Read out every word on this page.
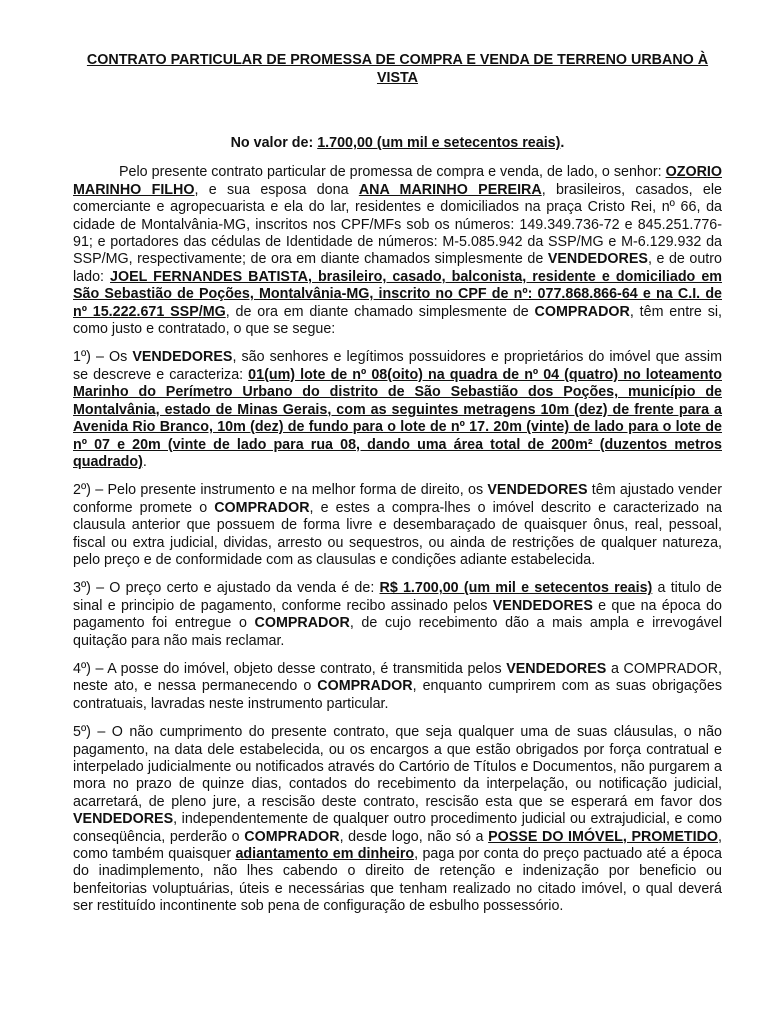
CONTRATO PARTICULAR DE PROMESSA DE COMPRA E VENDA DE TERRENO URBANO À VISTA
No valor de: 1.700,00 (um mil e setecentos reais).

Pelo presente contrato particular de promessa de compra e venda, de lado, o senhor: OZORIO MARINHO FILHO, e sua esposa dona ANA MARINHO PEREIRA, brasileiros, casados, ele comerciante e agropecuarista e ela do lar, residentes e domiciliados na praça Cristo Rei, nº 66, da cidade de Montalvânia-MG, inscritos nos CPF/MFs sob os números: 149.349.736-72 e 845.251.776-91; e portadores das cédulas de Identidade de números: M-5.085.942 da SSP/MG e M-6.129.932 da SSP/MG, respectivamente; de ora em diante chamados simplesmente de VENDEDORES, e de outro lado: JOEL FERNANDES BATISTA, brasileiro, casado, balconista, residente e domiciliado em São Sebastião de Poções, Montalvânia-MG, inscrito no CPF de nº: 077.868.866-64 e na C.I. de nº 15.222.671 SSP/MG, de ora em diante chamado simplesmente de COMPRADOR, têm entre si, como justo e contratado, o que se segue:

1º) – Os VENDEDORES, são senhores e legítimos possuidores e proprietários do imóvel que assim se descreve e caracteriza: 01(um) lote de nº 08(oito) na quadra de nº 04 (quatro) no loteamento Marinho do Perímetro Urbano do distrito de São Sebastião dos Poções, município de Montalvânia, estado de Minas Gerais, com as seguintes metragens 10m (dez) de frente para a Avenida Rio Branco, 10m (dez) de fundo para o lote de nº 17. 20m (vinte) de lado para o lote de nº 07 e 20m (vinte de lado para rua 08, dando uma área total de 200m² (duzentos metros quadrado).

2º) – Pelo presente instrumento e na melhor forma de direito, os VENDEDORES têm ajustado vender conforme promete o COMPRADOR, e estes a compra-lhes o imóvel descrito e caracterizado na clausula anterior que possuem de forma livre e desembaraçado de quaisquer ônus, real, pessoal, fiscal ou extra judicial, dividas, arresto ou sequestros, ou ainda de restrições de qualquer natureza, pelo preço e de conformidade com as clausulas e condições adiante estabelecida.

3º) – O preço certo e ajustado da venda é de: R$ 1.700,00 (um mil e setecentos reais) a titulo de sinal e principio de pagamento, conforme recibo assinado pelos VENDEDORES e que na época do pagamento foi entregue o COMPRADOR, de cujo recebimento dão a mais ampla e irrevogável quitação para não mais reclamar.

4º) – A posse do imóvel, objeto desse contrato, é transmitida pelos VENDEDORES a COMPRADOR, neste ato, e nessa permanecendo o COMPRADOR, enquanto cumprirem com as suas obrigações contratuais, lavradas neste instrumento particular.

5º) – O não cumprimento do presente contrato, que seja qualquer uma de suas cláusulas, o não pagamento, na data dele estabelecida, ou os encargos a que estão obrigados por força contratual e interpelado judicialmente ou notificados através do Cartório de Títulos e Documentos, não purgarem a mora no prazo de quinze dias, contados do recebimento da interpelação, ou notificação judicial, acarretará, de pleno jure, a rescisão deste contrato, rescisão esta que se esperará em favor dos VENDEDORES, independentemente de qualquer outro procedimento judicial ou extrajudicial, e como conseqüência, perderão o COMPRADOR, desde logo, não só a POSSE DO IMÓVEL, PROMETIDO, como também quaisquer adiantamento em dinheiro, paga por conta do preço pactuado até a época do inadimplemento, não lhes cabendo o direito de retenção e indenização por beneficio ou benfeitorias voluptuárias, úteis e necessárias que tenham realizado no citado imóvel, o qual deverá ser restituído incontinente sob pena de configuração de esbulho possessório.
